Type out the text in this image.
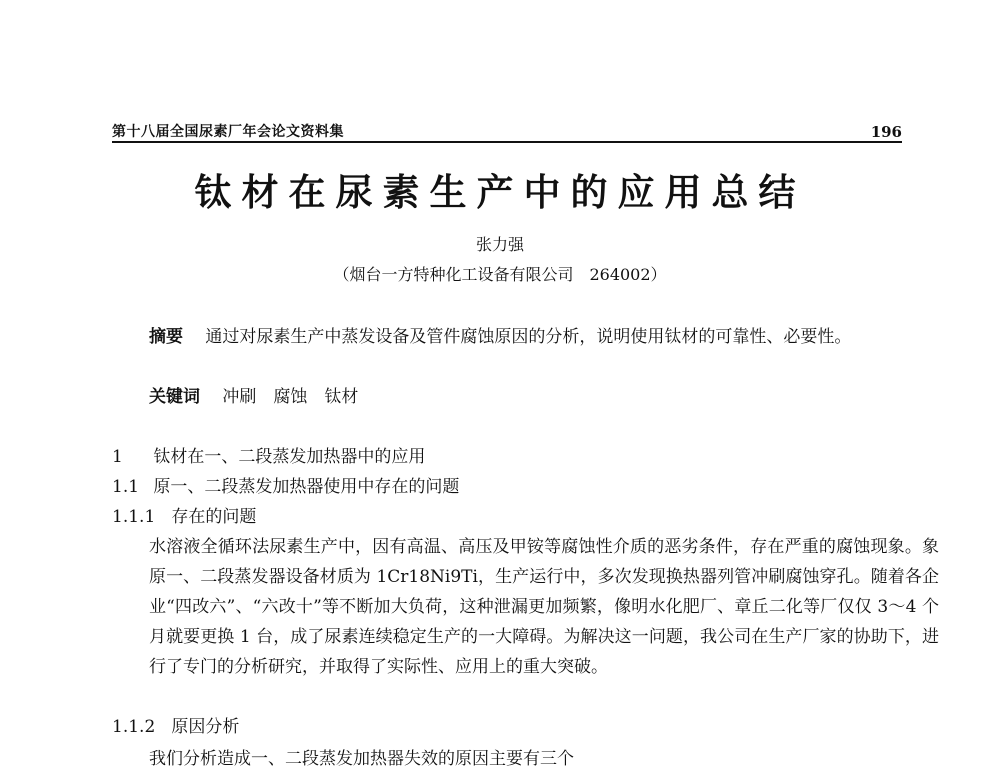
第十八届全国尿素厂年会论文资料集	196
钛材在尿素生产中的应用总结
张力强
（烟台一方特种化工设备有限公司　264002）
摘要　 通过对尿素生产中蒸发设备及管件腐蚀原因的分析，说明使用钛材的可靠性、必要性。
关键词　 冲刷　腐蚀　钛材
1 钛材在一、二段蒸发加热器中的应用
1.1 原一、二段蒸发加热器使用中存在的问题
1.1.1 存在的问题
水溶液全循环法尿素生产中，因有高温、高压及甲铵等腐蚀性介质的恶劣条件，存在严重的腐蚀现象。象原一、二段蒸发器设备材质为 1Cr18Ni9Ti，生产运行中，多次发现换热器列管冲刷腐蚀穿孔。随着各企业“四改六”、“六改十”等不断加大负荷，这种泄漏更加频繁，像明水化肥厂、章丘二化等厂仅仅 3～4 个月就要更换 1 台，成了尿素连续稳定生产的一大障碍。为解决这一问题，我公司在生产厂家的协助下，进行了专门的分析研究，并取得了实际性、应用上的重大突破。
1.1.2 原因分析
我们分析造成一、二段蒸发加热器失效的原因主要有三个
